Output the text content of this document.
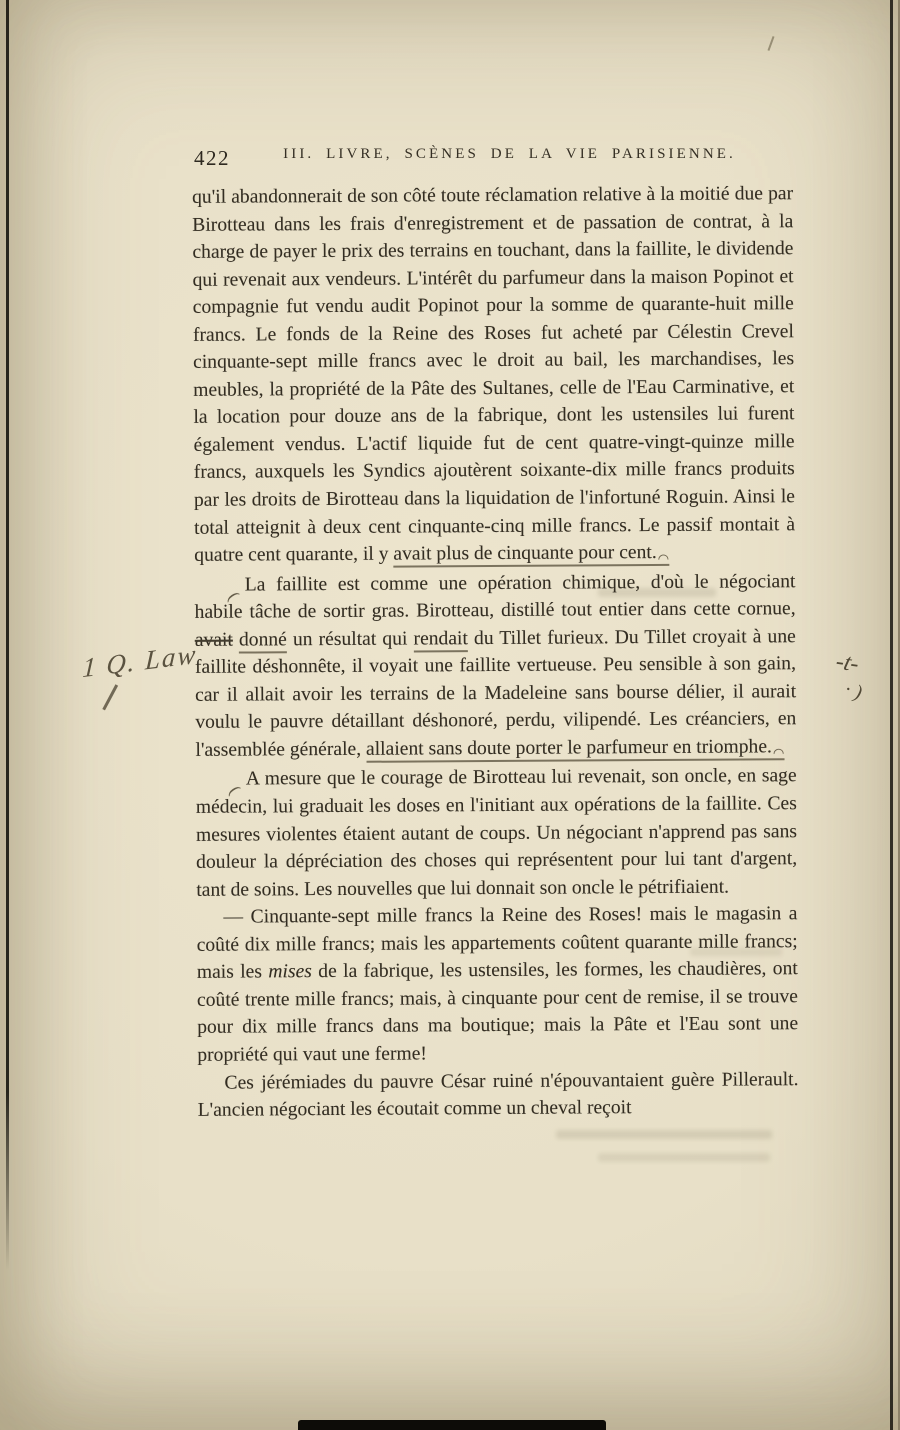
422	III. LIVRE, SCÈNES DE LA VIE PARISIENNE.

qu'il abandonnerait de son côté toute réclamation relative à la moitié due par Birotteau dans les frais d'enregistrement et de passation de contrat, à la charge de payer le prix des terrains en touchant, dans la faillite, le dividende qui revenait aux vendeurs. L'intérêt du parfumeur dans la maison Popinot et compagnie fut vendu audit Popinot pour la somme de quarante-huit mille francs. Le fonds de la Reine des Roses fut acheté par Célestin Crevel cinquante-sept mille francs avec le droit au bail, les marchandises, les meubles, la propriété de la Pâte des Sultanes, celle de l'Eau Carminative, et la location pour douze ans de la fabrique, dont les ustensiles lui furent également vendus. L'actif liquide fut de cent quatre-vingt-quinze mille francs, auxquels les Syndics ajoutèrent soixante-dix mille francs produits par les droits de Birotteau dans la liquidation de l'infortuné Roguin. Ainsi le total atteignit à deux cent cinquante-cinq mille francs. Le passif montait à quatre cent quarante, il y avait plus de cinquante pour cent. ◠

( La faillite est comme une opération chimique, d'où le négociant habile tâche de sortir gras. Birotteau, distillé tout entier dans cette cornue, avait donné un résultat qui rendait du Tillet furieux. Du Tillet croyait à une faillite déshonnête, il voyait une faillite vertueuse. Peu sensible à son gain, car il allait avoir les terrains de la Madeleine sans bourse délier, il aurait voulu le pauvre détaillant déshonoré, perdu, vilipendé. Les créanciers, en l'assemblée générale, allaient sans doute porter le parfumeur en triomphe. ◠

( A mesure que le courage de Birotteau lui revenait, son oncle, en sage médecin, lui graduait les doses en l'initiant aux opérations de la faillite. Ces mesures violentes étaient autant de coups. Un négociant n'apprend pas sans douleur la dépréciation des choses qui représentent pour lui tant d'argent, tant de soins. Les nouvelles que lui donnait son oncle le pétrifiaient.

— Cinquante-sept mille francs la Reine des Roses! mais le magasin a coûté dix mille francs; mais les appartements coûtent quarante mille francs; mais les mises de la fabrique, les ustensiles, les formes, les chaudières, ont coûté trente mille francs; mais, à cinquante pour cent de remise, il se trouve pour dix mille francs dans ma boutique; mais la Pâte et l'Eau sont une propriété qui vaut une ferme!

Ces jérémiades du pauvre César ruiné n'épouvantaient guère Pillerault. L'ancien négociant les écoutait comme un cheval reçoit

1 Q. Law	-t-
· )
